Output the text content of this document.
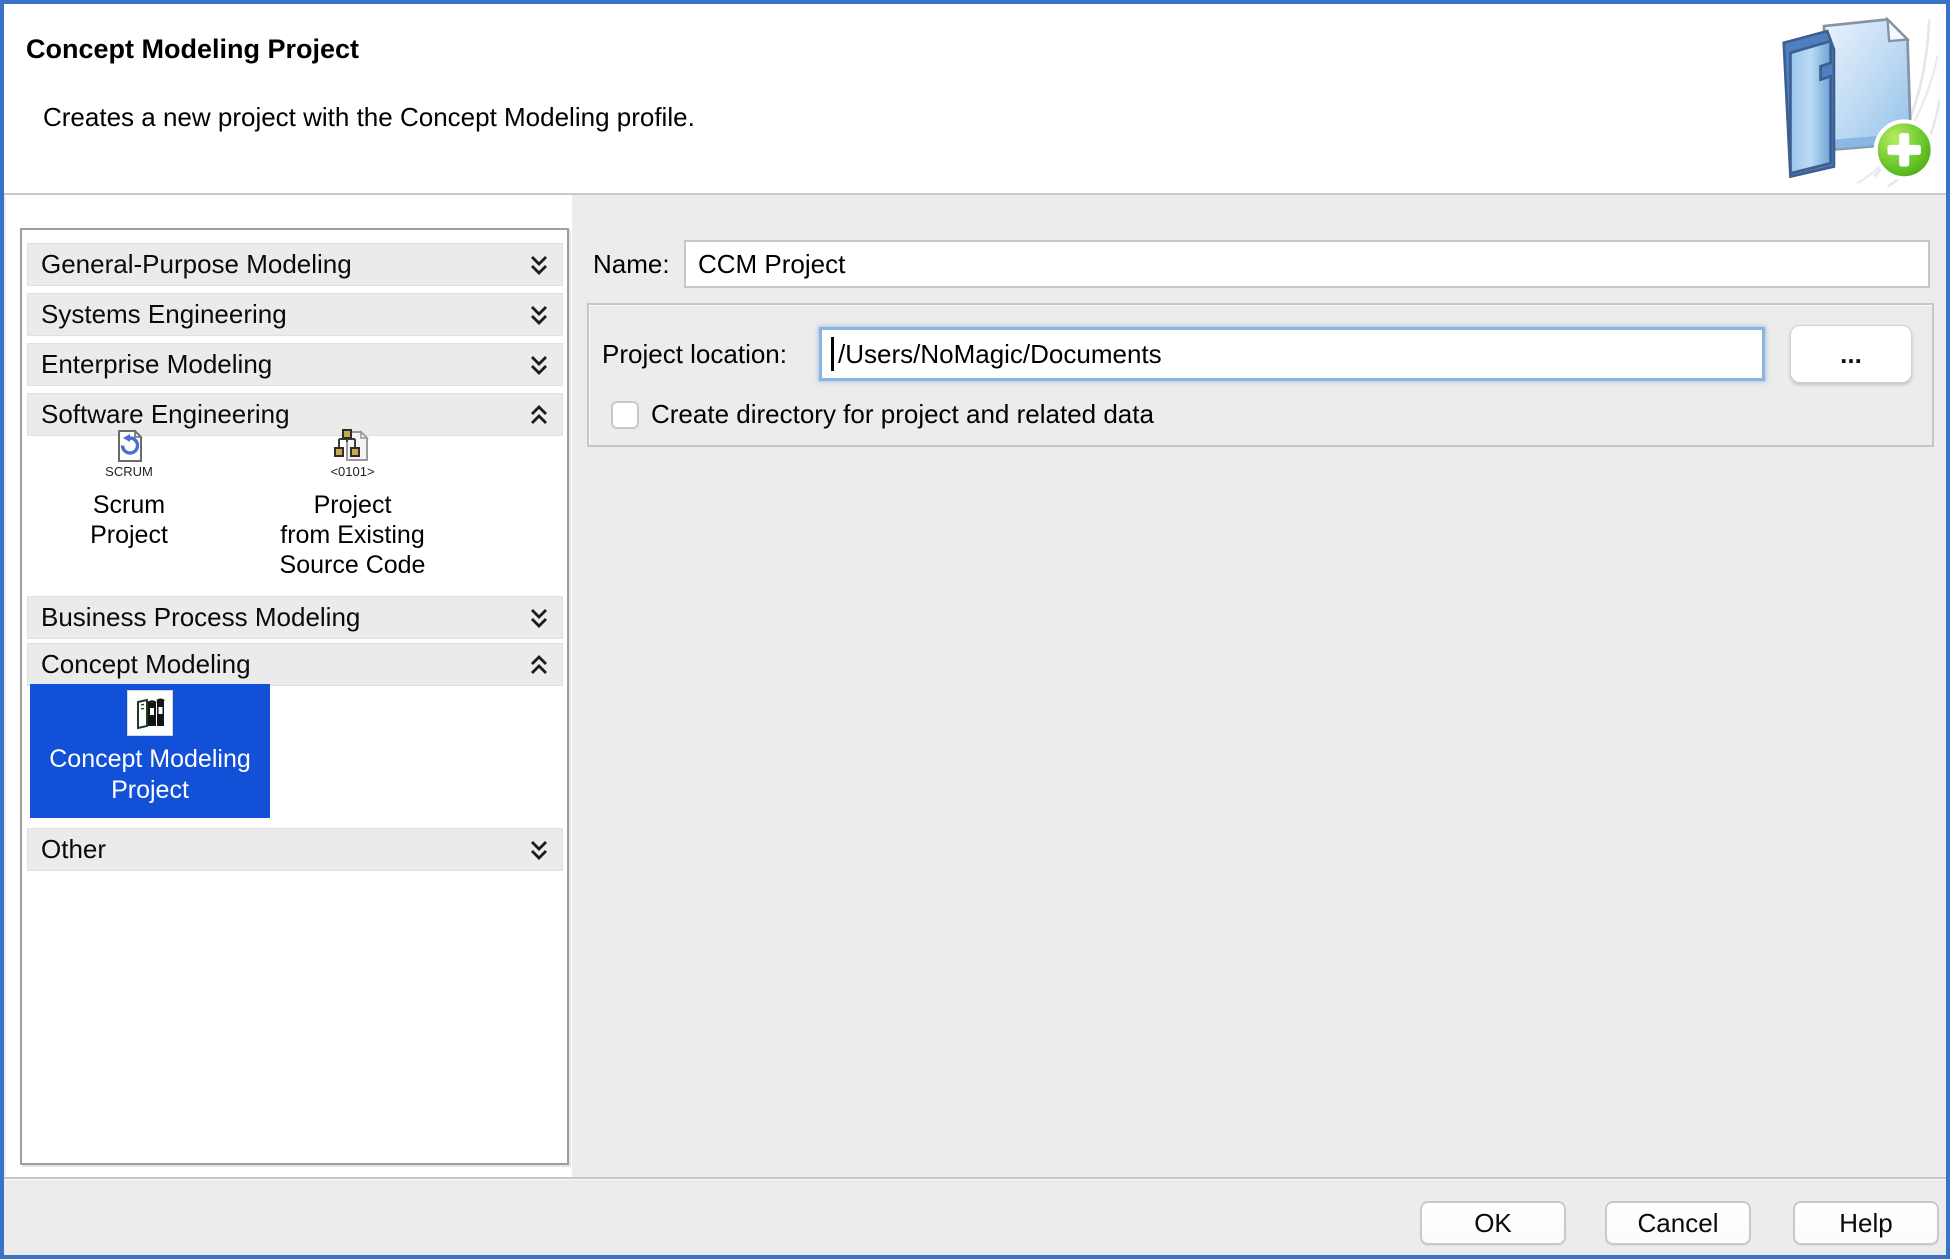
Concept Modeling Project
Creates a new project with the Concept Modeling profile.
General-Purpose Modeling
Systems Engineering
Enterprise Modeling
Software Engineering
SCRUM
Scrum
Project
<0101>
Project
from Existing
Source Code
Business Process Modeling
Concept Modeling
Concept Modeling
Project
Other
Name:
CCM Project
Project location:
/Users/NoMagic/Documents	...
Create directory for project and related data
OK	Cancel	Help
